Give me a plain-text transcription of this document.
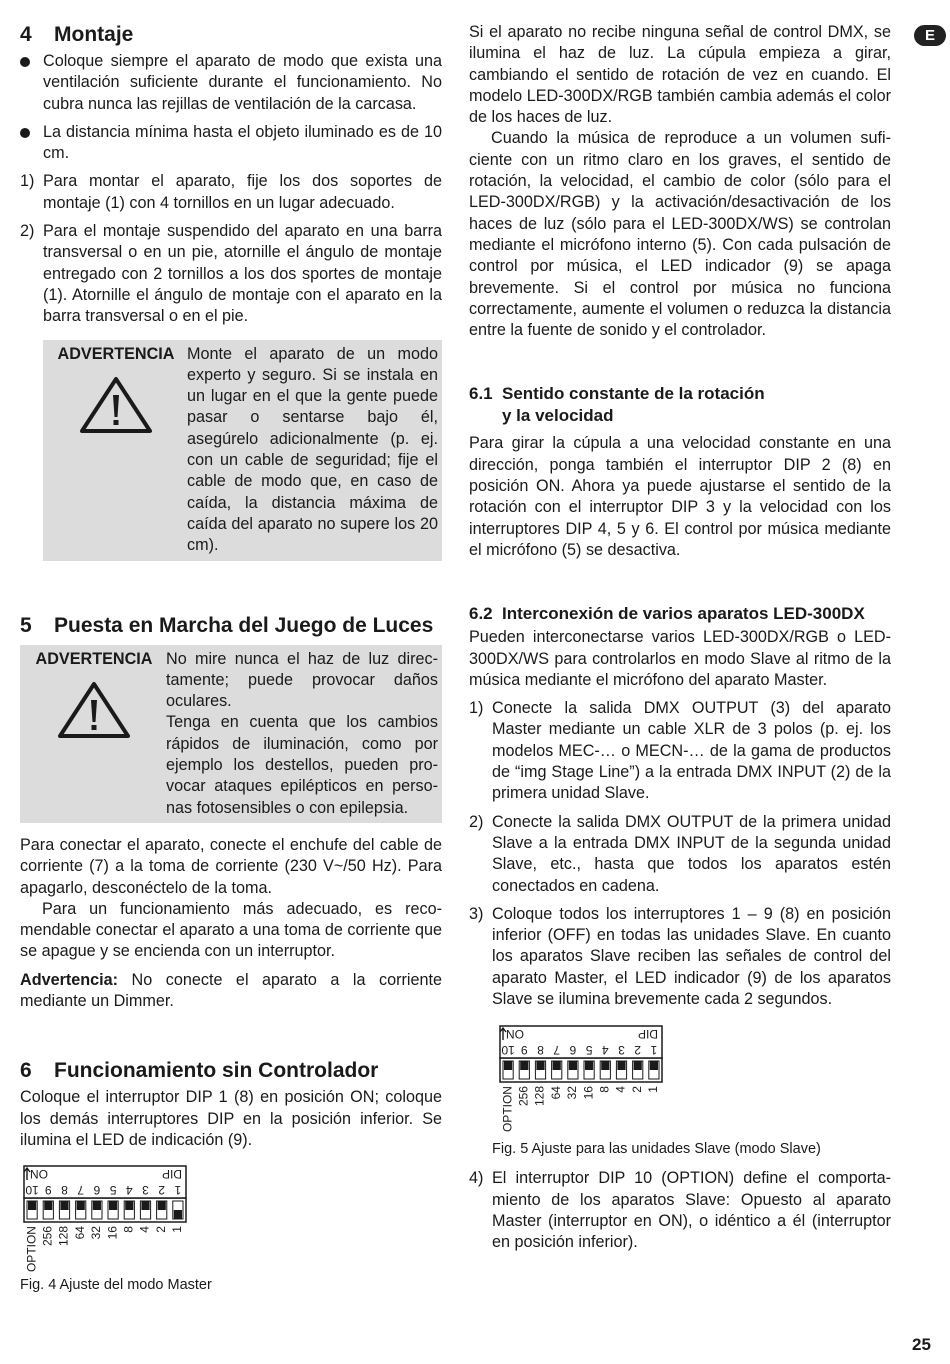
E
4	Montaje
Coloque siempre el aparato de modo que exista una ventilación suficiente durante el funcionamiento. No cubra nunca las rejillas de ventilación de la carcasa.
La distancia mínima hasta el objeto iluminado es de 10 cm.
1) Para montar el aparato, fije los dos soportes de montaje (1) con 4 tornillos en un lugar adecuado.
2) Para el montaje suspendido del aparato en una barra transversal o en un pie, atornille el ángulo de montaje entregado con 2 tornillos a los dos sportes de montaje (1). Atornille el ángulo de montaje con el aparato en la barra transversal o en el pie.
ADVERTENCIA Monte el aparato de un modo experto y seguro. Si se instala en un lugar en el que la gente puede pasar o sentarse bajo él, asegúrelo adicionalmente (p. ej. con un cable de seguridad; fije el cable de modo que, en caso de caída, la distancia máxima de caída del aparato no supere los 20 cm).
5	Puesta en Marcha del Juego de Luces
ADVERTENCIA No mire nunca el haz de luz directamente; puede provocar daños oculares.
Tenga en cuenta que los cambios rápidos de iluminación, como por ejemplo los destellos, pueden provocar ataques epilépticos en personas fotosensibles o con epilepsia.

Para conectar el aparato, conecte el enchufe del cable de corriente (7) a la toma de corriente (230 V~/50 Hz). Para apagarlo, desconéctelo de la toma.

Para un funcionamiento más adecuado, es recomendable conectar el aparato a una toma de corriente que se apague y se encienda con un interruptor.

Advertencia: No conecte el aparato a la corriente mediante un Dimmer.

6	Funcionamiento sin Controlador

Coloque el interruptor DIP 1 (8) en posición ON; coloque los demás interruptores DIP en la posición inferior. Se ilumina el LED de indicación (9).

1
2
4
8
16
32
64
128
256
OPTION
1
2
3
4
5
6
7
8
9
10
DIP
ON

Fig. 4 Ajuste del modo Master

Si el aparato no recibe ninguna señal de control DMX, se ilumina el haz de luz. La cúpula empieza a girar, cambiando el sentido de rotación de vez en cuando. El modelo LED-300DX/RGB también cambia además el color de los haces de luz.

Cuando la música de reproduce a un volumen suficiente con un ritmo claro en los graves, el sentido de rotación, la velocidad, el cambio de color (sólo para el LED-300DX/RGB) y la activación/desactivación de los haces de luz (sólo para el LED-300DX/WS) se controlan mediante el micrófono interno (5). Con cada pulsación de control por música, el LED indicador (9) se apaga brevemente. Si el control por música no funciona correctamente, aumente el volumen o reduzca la distancia entre la fuente de sonido y el controlador.

6.1 Sentido constante de la rotación
y la velocidad

Para girar la cúpula a una velocidad constante en una dirección, ponga también el interruptor DIP 2 (8) en posición ON. Ahora ya puede ajustarse el sentido de la rotación con el interruptor DIP 3 y la velocidad con los interruptores DIP 4, 5 y 6. El control por música mediante el micrófono (5) se desactiva.

6.2 Interconexión de varios aparatos LED-300DX

Pueden interconectarse varios LED-300DX/RGB o LED-300DX/WS para controlarlos en modo Slave al ritmo de la música mediante el micrófono del aparato Master.

1) Conecte la salida DMX OUTPUT (3) del aparato Master mediante un cable XLR de 3 polos (p. ej. los modelos MEC-… o MECN-… de la gama de productos de “img Stage Line”) a la entrada DMX INPUT (2) de la primera unidad Slave.
2) Conecte la salida DMX OUTPUT de la primera unidad Slave a la entrada DMX INPUT de la segunda unidad Slave, etc., hasta que todos los aparatos estén conectados en cadena.
3) Coloque todos los interruptores 1 – 9 (8) en posición inferior (OFF) en todas las unidades Slave. En cuanto los aparatos Slave reciben las señales de control del aparato Master, el LED indicador (9) de los aparatos Slave se ilumina brevemente cada 2 segundos.
1
2
4
8
16
32
64
128
256
OPTION
1
2
3
4
5
6
7
8
9
10
DIP
ON

Fig. 5 Ajuste para las unidades Slave (modo Slave)

4) El interruptor DIP 10 (OPTION) define el comportamiento de los aparatos Slave: Opuesto al aparato Master (interruptor en ON), o idéntico a él (interruptor en posición inferior).
25
